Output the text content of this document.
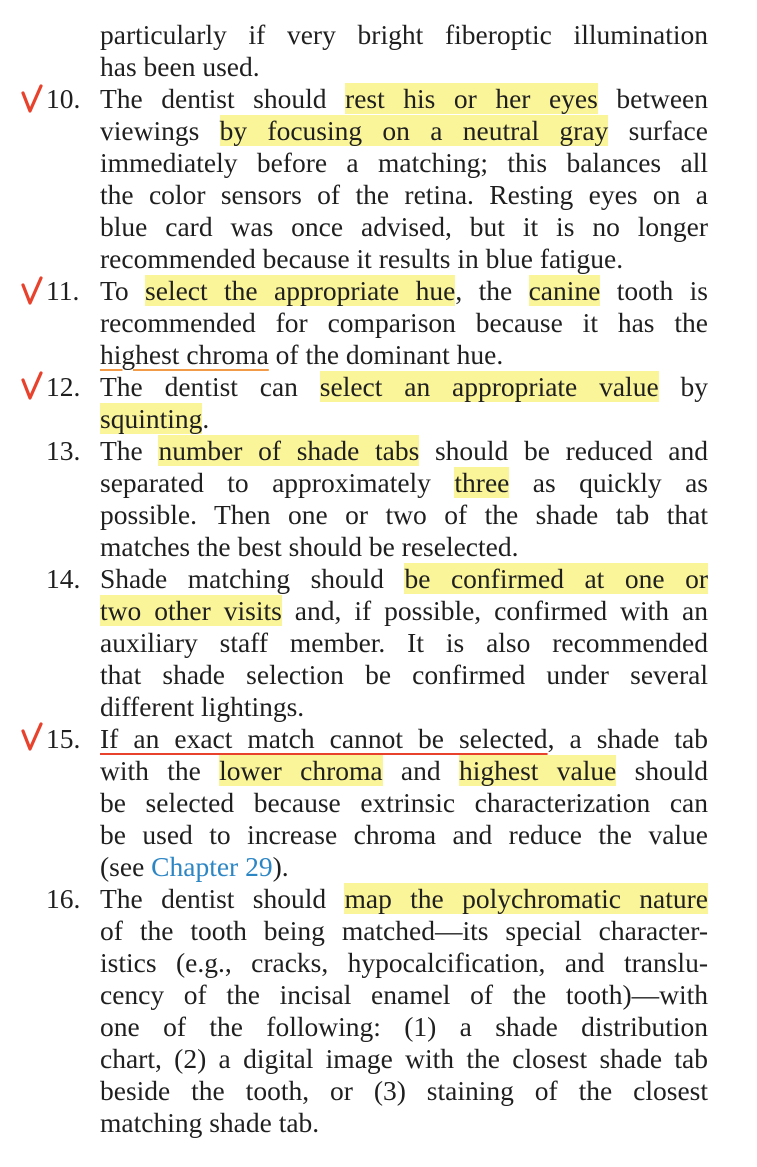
particularly if very bright fiberoptic illumination
has been used.
10. The dentist should rest his or her eyes between
viewings by focusing on a neutral gray surface
immediately before a matching; this balances all
the color sensors of the retina. Resting eyes on a
blue card was once advised, but it is no longer
recommended because it results in blue fatigue.
11. To select the appropriate hue, the canine tooth is
recommended for comparison because it has the
highest chroma of the dominant hue.
12. The dentist can select an appropriate value by
squinting.
13. The number of shade tabs should be reduced and
separated to approximately three as quickly as
possible. Then one or two of the shade tab that
matches the best should be reselected.
14. Shade matching should be confirmed at one or
two other visits and, if possible, confirmed with an
auxiliary staff member. It is also recommended
that shade selection be confirmed under several
different lightings.
15. If an exact match cannot be selected, a shade tab
with the lower chroma and highest value should
be selected because extrinsic characterization can
be used to increase chroma and reduce the value
(see Chapter 29).
16. The dentist should map the polychromatic nature
of the tooth being matched—its special character-
istics (e.g., cracks, hypocalcification, and translu-
cency of the incisal enamel of the tooth)—with
one of the following: (1) a shade distribution
chart, (2) a digital image with the closest shade tab
beside the tooth, or (3) staining of the closest
matching shade tab.
